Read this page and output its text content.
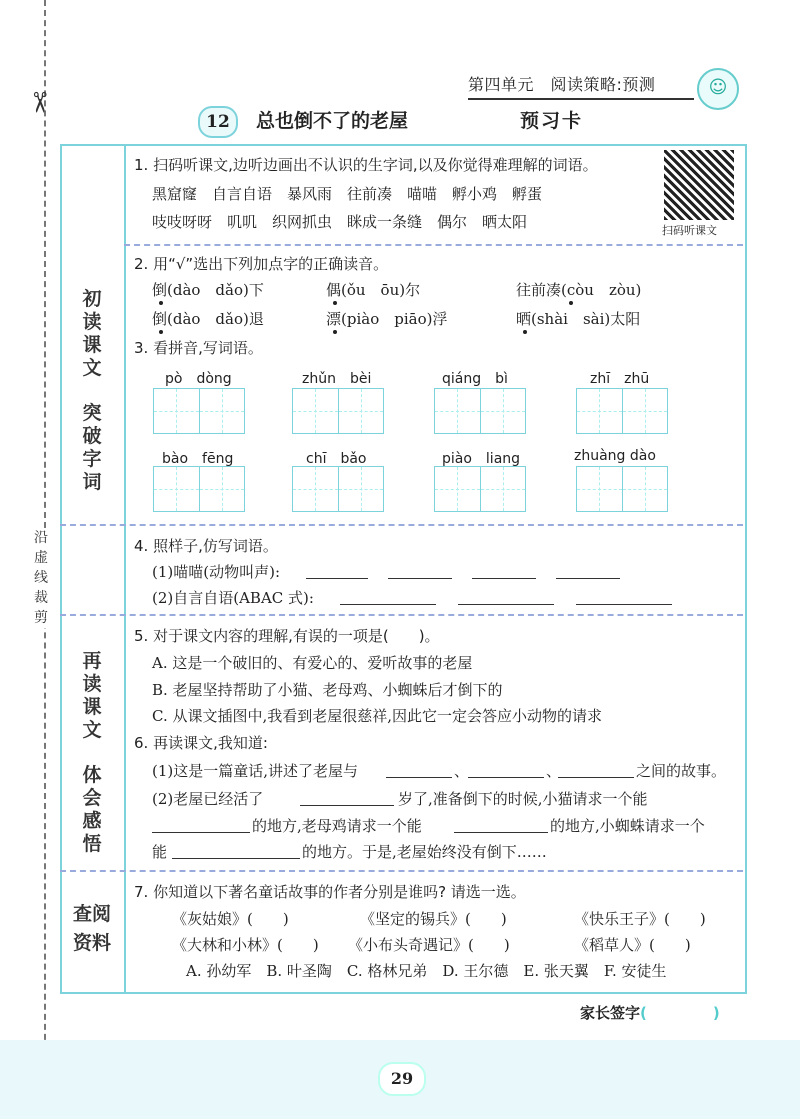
✂
沿虚线裁剪
第四单元　阅读策略:预测	☺
12	总也倒不了的老屋	预习卡
初
读
课
文
突
破
字
词
再
读
课
文
体
会
感
悟
查阅
资料
1. 扫码听课文,边听边画出不认识的生字词,以及你觉得难理解的词语。
黑窟窿　自言自语　暴风雨　往前凑　喵喵　孵小鸡　孵蛋
吱吱呀呀　叽叽　织网抓虫　眯成一条缝　偶尔　晒太阳	扫码听课文
2. 用“√”选出下列加点字的正确读音。
倒(dào　dǎo)下	偶(ǒu　ōu)尔	往前凑(còu　zòu)
倒(dào　dǎo)退	漂(piào　piāo)浮	晒(shài　sài)太阳
3. 看拼音,写词语。
pò　dòng	zhǔn　bèi	qiáng　bì	zhī　zhū
bào　fēng	chī　bǎo	piào　liang	zhuàng dào
4. 照样子,仿写词语。
(1)喵喵(动物叫声):
(2)自言自语(ABAC 式):
5. 对于课文内容的理解,有误的一项是(　　)。
A. 这是一个破旧的、有爱心的、爱听故事的老屋
B. 老屋坚持帮助了小猫、老母鸡、小蜘蛛后才倒下的
C. 从课文插图中,我看到老屋很慈祥,因此它一定会答应小动物的请求
6. 再读课文,我知道:
(1)这是一篇童话,讲述了老屋与	、	、	之间的故事。
(2)老屋已经活了	岁了,准备倒下的时候,小猫请求一个能
的地方,老母鸡请求一个能	的地方,小蜘蛛请求一个
能	的地方。于是,老屋始终没有倒下……
7. 你知道以下著名童话故事的作者分别是谁吗? 请选一选。
《灰姑娘》(　　)	《坚定的锡兵》(　　)	《快乐王子》(　　)
《大林和小林》(　　) 《小布头奇遇记》(　　)	《稻草人》(　　)
A. 孙幼军　B. 叶圣陶　C. 格林兄弟　D. 王尔德　E. 张天翼　F. 安徒生
家长签字(	)
29
